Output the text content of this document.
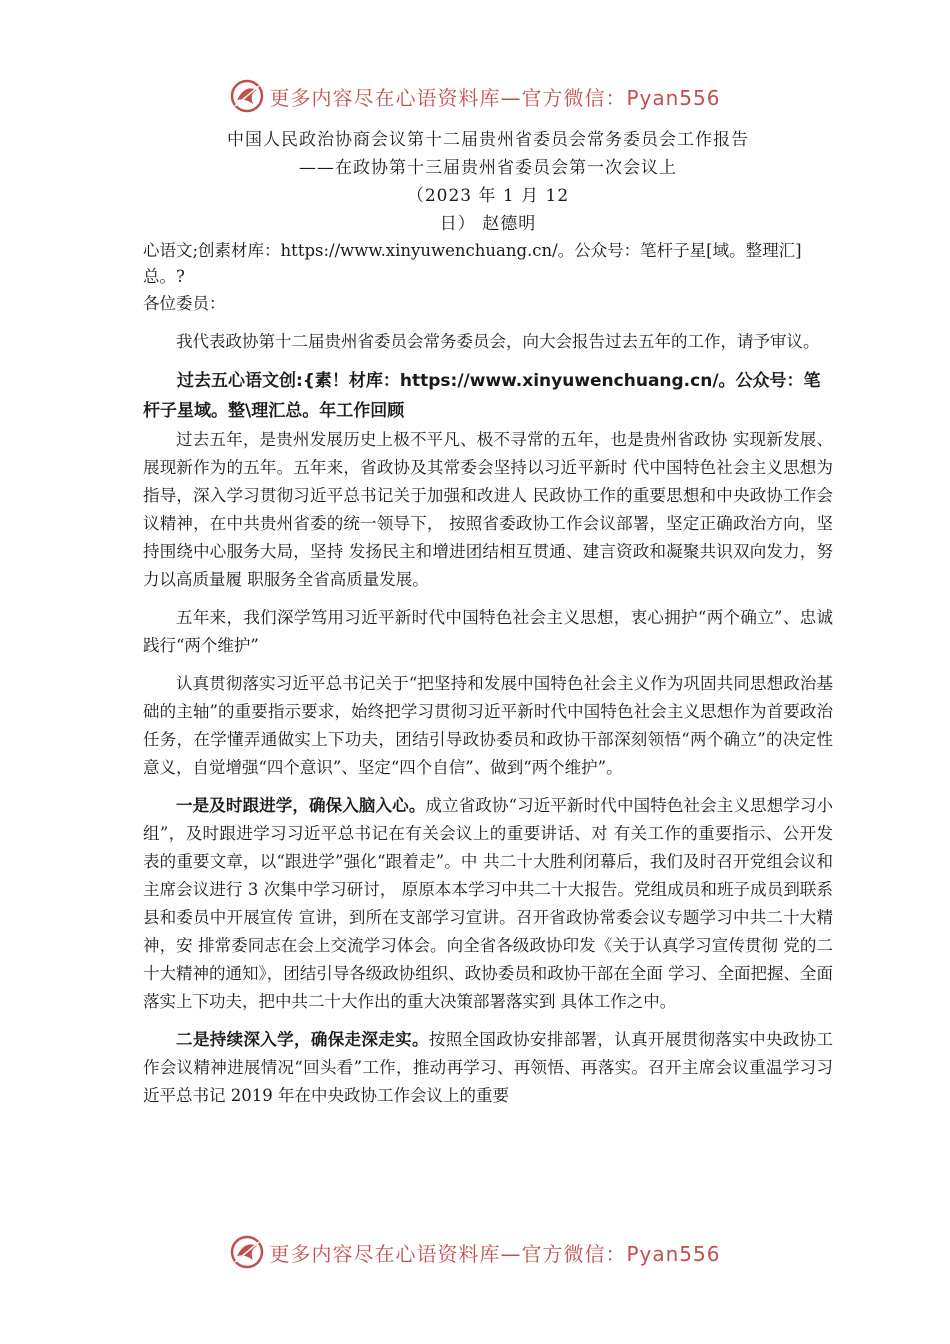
更多内容尽在心语资料库—官方微信：Pyan556

中国人民政治协商会议第十二届贵州省委员会常务委员会工作报告

——在政协第十三届贵州省委员会第一次会议上

（2023 年 1 月 12

日） 赵德明

心语文;创素材库：https://www.xinyuwenchuang.cn/。公众号：笔杆子星[域。整理汇]总。?

各位委员：

我代表政协第十二届贵州省委员会常务委员会，向大会报告过去五年的工作，请予审议。

过去五心语文创:{素！材库：https://www.xinyuwenchuang.cn/。公众号：笔杆子星域。整\理汇总。年工作回顾

过去五年，是贵州发展历史上极不平凡、极不寻常的五年，也是贵州省政协 实现新发展、展现新作为的五年。五年来，省政协及其常委会坚持以习近平新时 代中国特色社会主义思想为指导，深入学习贯彻习近平总书记关于加强和改进人 民政协工作的重要思想和中央政协工作会议精神，在中共贵州省委的统一领导下， 按照省委政协工作会议部署，坚定正确政治方向，坚持围绕中心服务大局，坚持 发扬民主和增进团结相互贯通、建言资政和凝聚共识双向发力，努力以高质量履 职服务全省高质量发展。

五年来，我们深学笃用习近平新时代中国特色社会主义思想，衷心拥护“两个确立”、忠诚践行“两个维护”

认真贯彻落实习近平总书记关于“把坚持和发展中国特色社会主义作为巩固共同思想政治基础的主轴”的重要指示要求，始终把学习贯彻习近平新时代中国特色社会主义思想作为首要政治任务，在学懂弄通做实上下功夫，团结引导政协委员和政协干部深刻领悟“两个确立”的决定性意义，自觉增强“四个意识”、坚定“四个自信”、做到“两个维护”。

一是及时跟进学，确保入脑入心。成立省政协“习近平新时代中国特色社会主义思想学习小组”，及时跟进学习习近平总书记在有关会议上的重要讲话、对 有关工作的重要指示、公开发表的重要文章，以“跟进学”强化“跟着走”。中 共二十大胜利闭幕后，我们及时召开党组会议和主席会议进行 3 次集中学习研讨， 原原本本学习中共二十大报告。党组成员和班子成员到联系县和委员中开展宣传 宣讲，到所在支部学习宣讲。召开省政协常委会议专题学习中共二十大精神，安 排常委同志在会上交流学习体会。向全省各级政协印发《关于认真学习宣传贯彻 党的二十大精神的通知》，团结引导各级政协组织、政协委员和政协干部在全面 学习、全面把握、全面落实上下功夫，把中共二十大作出的重大决策部署落实到 具体工作之中。

二是持续深入学，确保走深走实。按照全国政协安排部署，认真开展贯彻落实中央政协工作会议精神进展情况“回头看”工作，推动再学习、再领悟、再落实。召开主席会议重温学习习近平总书记 2019 年在中央政协工作会议上的重要

更多内容尽在心语资料库—官方微信：Pyan556
